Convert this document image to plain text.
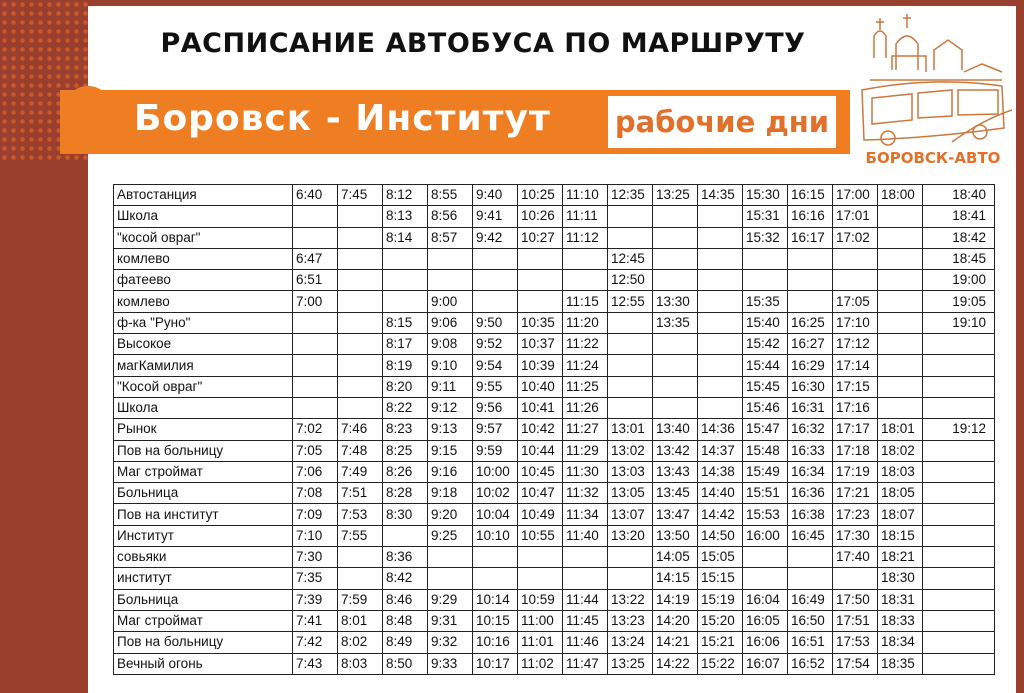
РАСПИСАНИЕ АВТОБУСА ПО МАРШРУТУ
Боровск - Институт рабочие дни
БОРОВСК-АВТО
Автостанция	6:40	7:45	8:12	8:55	9:40	10:25	11:10	12:35	13:25	14:35	15:30	16:15	17:00	18:00	18:40
Школа			8:13	8:56	9:41	10:26	11:11				15:31	16:16	17:01		18:41
"косой овраг"			8:14	8:57	9:42	10:27	11:12				15:32	16:17	17:02		18:42
комлево	6:47							12:45							18:45
фатеево	6:51							12:50							19:00
комлево	7:00			9:00			11:15	12:55	13:30		15:35		17:05		19:05
ф-ка "Руно"			8:15	9:06	9:50	10:35	11:20		13:35		15:40	16:25	17:10		19:10
Высокое			8:17	9:08	9:52	10:37	11:22				15:42	16:27	17:12		
магКамилия			8:19	9:10	9:54	10:39	11:24				15:44	16:29	17:14		
"Косой овраг"			8:20	9:11	9:55	10:40	11:25				15:45	16:30	17:15		
Школа			8:22	9:12	9:56	10:41	11:26				15:46	16:31	17:16		
Рынок	7:02	7:46	8:23	9:13	9:57	10:42	11:27	13:01	13:40	14:36	15:47	16:32	17:17	18:01	19:12
Пов на больницу	7:05	7:48	8:25	9:15	9:59	10:44	11:29	13:02	13:42	14:37	15:48	16:33	17:18	18:02	
Маг строймат	7:06	7:49	8:26	9:16	10:00	10:45	11:30	13:03	13:43	14:38	15:49	16:34	17:19	18:03	
Больница	7:08	7:51	8:28	9:18	10:02	10:47	11:32	13:05	13:45	14:40	15:51	16:36	17:21	18:05	
Пов на институт	7:09	7:53	8:30	9:20	10:04	10:49	11:34	13:07	13:47	14:42	15:53	16:38	17:23	18:07	
Институт	7:10	7:55		9:25	10:10	10:55	11:40	13:20	13:50	14:50	16:00	16:45	17:30	18:15	
совьяки	7:30		8:36						14:05	15:05			17:40	18:21	
институт	7:35		8:42						14:15	15:15				18:30	
Больница	7:39	7:59	8:46	9:29	10:14	10:59	11:44	13:22	14:19	15:19	16:04	16:49	17:50	18:31	
Маг строймат	7:41	8:01	8:48	9:31	10:15	11:00	11:45	13:23	14:20	15:20	16:05	16:50	17:51	18:33	
Пов на больницу	7:42	8:02	8:49	9:32	10:16	11:01	11:46	13:24	14:21	15:21	16:06	16:51	17:53	18:34	
Вечный огонь	7:43	8:03	8:50	9:33	10:17	11:02	11:47	13:25	14:22	15:22	16:07	16:52	17:54	18:35	
